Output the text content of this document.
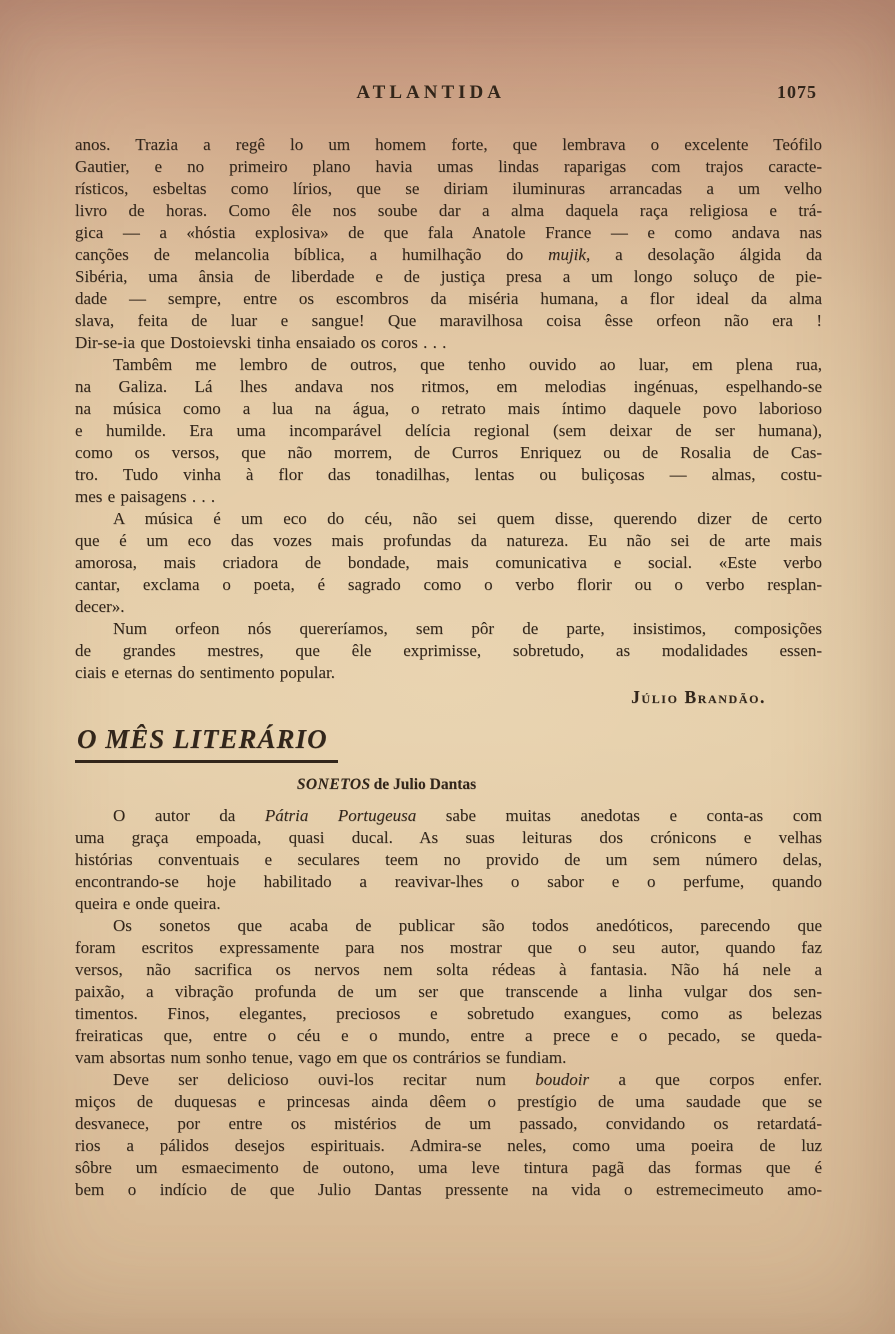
ATLANTIDA	1075
anos. Trazia a regê lo um homem forte, que lembrava o excelente Teófilo
Gautier, e no primeiro plano havia umas lindas raparigas com trajos caracte-
rísticos, esbeltas como lírios, que se diriam iluminuras arrancadas a um velho
livro de horas. Como êle nos soube dar a alma daquela raça religiosa e trá-
gica — a «hóstia explosiva» de que fala Anatole France — e como andava nas
canções de melancolia bíblica, a humilhação do mujik, a desolação álgida da
Sibéria, uma ânsia de liberdade e de justiça presa a um longo soluço de pie-
dade — sempre, entre os escombros da miséria humana, a flor ideal da alma
slava, feita de luar e sangue! Que maravilhosa coisa êsse orfeon não era !
Dir-se-ia que Dostoievski tinha ensaiado os coros . . .
Tambêm me lembro de outros, que tenho ouvido ao luar, em plena rua,
na Galiza. Lá lhes andava nos ritmos, em melodias ingénuas, espelhando-se
na música como a lua na água, o retrato mais íntimo daquele povo laborioso
e humilde. Era uma incomparável delícia regional (sem deixar de ser humana),
como os versos, que não morrem, de Curros Enriquez ou de Rosalia de Cas-
tro. Tudo vinha à flor das tonadilhas, lentas ou buliçosas — almas, costu-
mes e paisagens . . .
A música é um eco do céu, não sei quem disse, querendo dizer de certo
que é um eco das vozes mais profundas da natureza. Eu não sei de arte mais
amorosa, mais criadora de bondade, mais comunicativa e social. «Este verbo
cantar, exclama o poeta, é sagrado como o verbo florir ou o verbo resplan-
decer».
Num orfeon nós quereríamos, sem pôr de parte, insistimos, composições
de grandes mestres, que êle exprimisse, sobretudo, as modalidades essen-
ciais e eternas do sentimento popular.
Júlio Brandão.
O MÊS LITERÁRIO
SONETOS de Julio Dantas
O autor da Pátria Portugeusa sabe muitas anedotas e conta-as com
uma graça empoada, quasi ducal. As suas leituras dos crónicons e velhas
histórias conventuais e seculares teem no provido de um sem número delas,
encontrando-se hoje habilitado a reavivar-lhes o sabor e o perfume, quando
queira e onde queira.
Os sonetos que acaba de publicar são todos anedóticos, parecendo que
foram escritos expressamente para nos mostrar que o seu autor, quando faz
versos, não sacrifica os nervos nem solta rédeas à fantasia. Não há nele a
paixão, a vibração profunda de um ser que transcende a linha vulgar dos sen-
timentos. Finos, elegantes, preciosos e sobretudo exangues, como as belezas
freiraticas que, entre o céu e o mundo, entre a prece e o pecado, se queda-
vam absortas num sonho tenue, vago em que os contrários se fundiam.
Deve ser delicioso ouvi-los recitar num boudoir a que corpos enfer.
miços de duquesas e princesas ainda dêem o prestígio de uma saudade que se
desvanece, por entre os mistérios de um passado, convidando os retardatá-
rios a pálidos desejos espirituais. Admira-se neles, como uma poeira de luz
sôbre um esmaecimento de outono, uma leve tintura pagã das formas que é
bem o indício de que Julio Dantas pressente na vida o estremecimeuto amo-
